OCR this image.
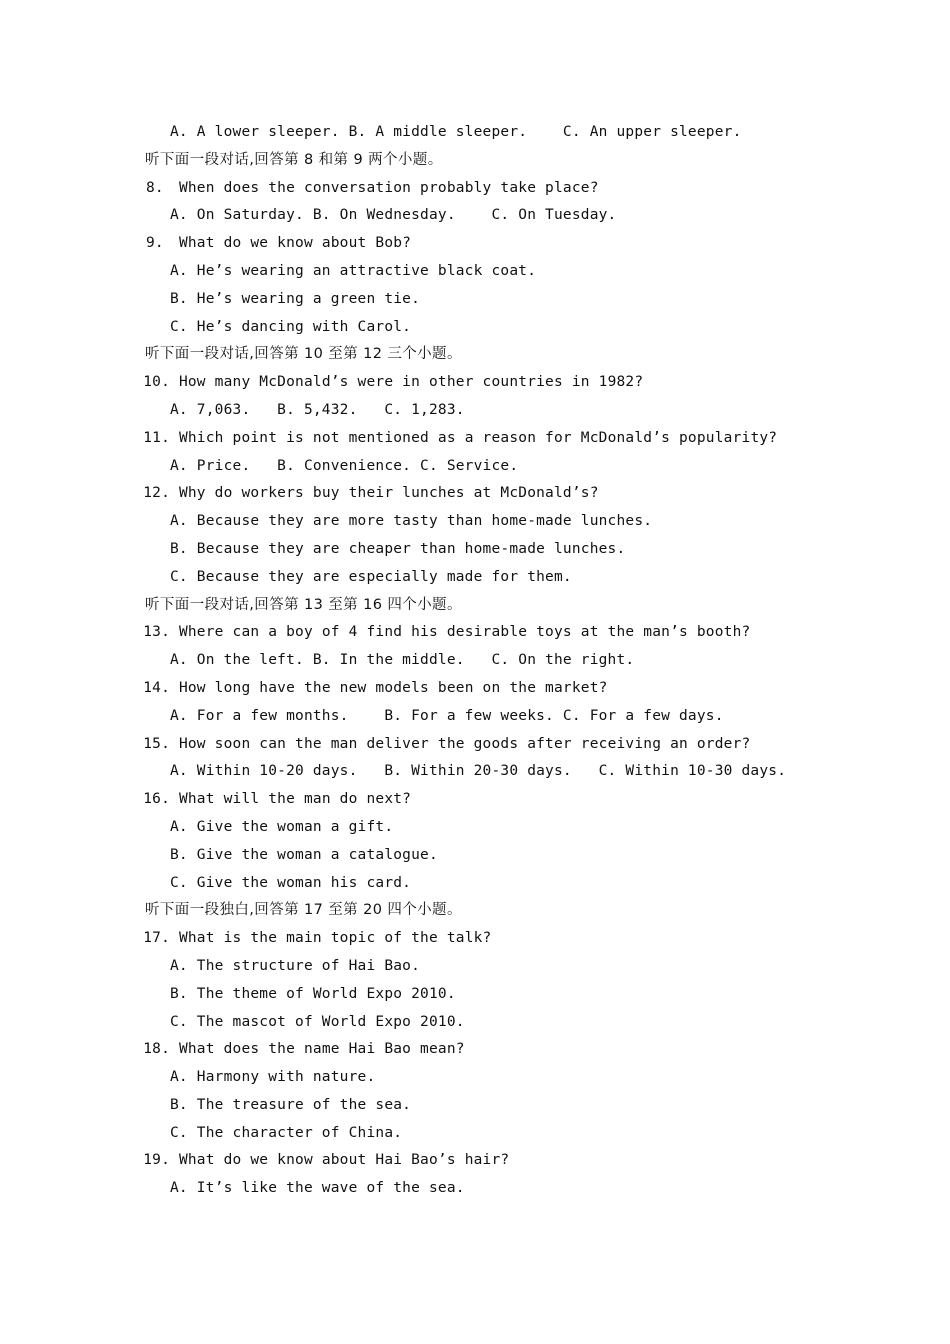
A. A lower sleeper. B. A middle sleeper.    C. An upper sleeper.
听下面一段对话,回答第 8 和第 9 两个小题。
8. When does the conversation probably take place?
A. On Saturday. B. On Wednesday.    C. On Tuesday.
9. What do we know about Bob?
A. He’s wearing an attractive black coat.
B. He’s wearing a green tie.
C. He’s dancing with Carol.
听下面一段对话,回答第 10 至第 12 三个小题。
10. How many McDonald’s were in other countries in 1982?
A. 7,063.   B. 5,432.   C. 1,283.
11. Which point is not mentioned as a reason for McDonald’s popularity?
A. Price.   B. Convenience. C. Service.
12. Why do workers buy their lunches at McDonald’s?
A. Because they are more tasty than home-made lunches.
B. Because they are cheaper than home-made lunches.
C. Because they are especially made for them.
听下面一段对话,回答第 13 至第 16 四个小题。
13. Where can a boy of 4 find his desirable toys at the man’s booth?
A. On the left. B. In the middle.   C. On the right.
14. How long have the new models been on the market?
A. For a few months.    B. For a few weeks. C. For a few days.
15. How soon can the man deliver the goods after receiving an order?
A. Within 10-20 days.   B. Within 20-30 days.   C. Within 10-30 days.
16. What will the man do next?
A. Give the woman a gift.
B. Give the woman a catalogue.
C. Give the woman his card.
听下面一段独白,回答第 17 至第 20 四个小题。
17. What is the main topic of the talk?
A. The structure of Hai Bao.
B. The theme of World Expo 2010.
C. The mascot of World Expo 2010.
18. What does the name Hai Bao mean?
A. Harmony with nature.
B. The treasure of the sea.
C. The character of China.
19. What do we know about Hai Bao’s hair?
A. It’s like the wave of the sea.
